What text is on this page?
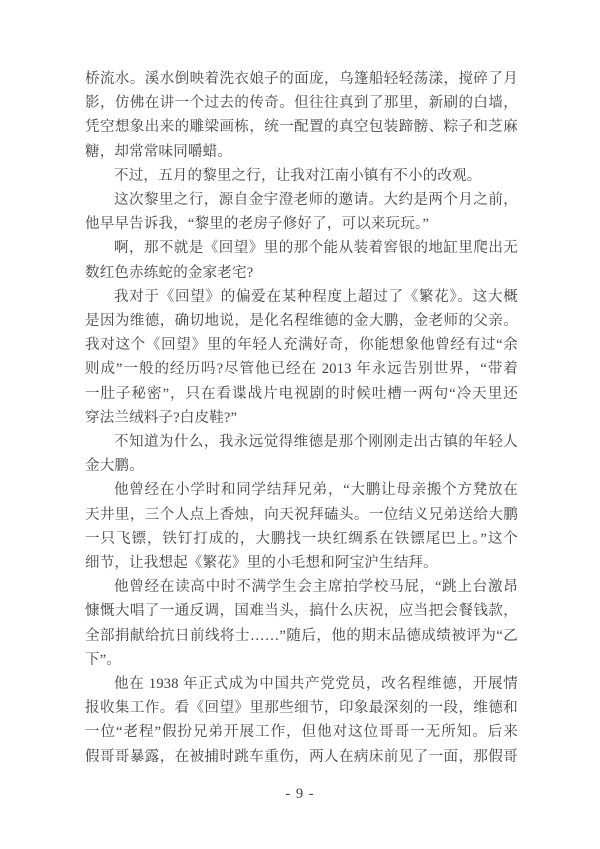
桥流水。溪水倒映着洗衣娘子的面庞，乌篷船轻轻荡漾，搅碎了月
影，仿佛在讲一个过去的传奇。但往往真到了那里，新刷的白墙，
凭空想象出来的雕梁画栋，统一配置的真空包装蹄髈、粽子和芝麻
糖，却常常味同嚼蜡。
不过，五月的黎里之行，让我对江南小镇有不小的改观。
这次黎里之行，源自金宇澄老师的邀请。大约是两个月之前，
他早早告诉我，“黎里的老房子修好了，可以来玩玩。”
啊，那不就是《回望》里的那个能从装着窖银的地缸里爬出无
数红色赤练蛇的金家老宅?
我对于《回望》的偏爱在某种程度上超过了《繁花》。这大概
是因为维德，确切地说，是化名程维德的金大鹏，金老师的父亲。
我对这个《回望》里的年轻人充满好奇，你能想象他曾经有过“余
则成”一般的经历吗?尽管他已经在 2013 年永远告别世界，“带着
一肚子秘密”，只在看谍战片电视剧的时候吐槽一两句“冷天里还
穿法兰绒料子?白皮鞋?”
不知道为什么，我永远觉得维德是那个刚刚走出古镇的年轻人
金大鹏。
他曾经在小学时和同学结拜兄弟，“大鹏让母亲搬个方凳放在
天井里，三个人点上香烛，向天祝拜磕头。一位结义兄弟送给大鹏
一只飞镖，铁钉打成的，大鹏找一块红绸系在铁镖尾巴上。”这个
细节，让我想起《繁花》里的小毛想和阿宝沪生结拜。
他曾经在读高中时不满学生会主席拍学校马屁，“跳上台激昂
慷慨大唱了一通反调，国难当头，搞什么庆祝，应当把会餐钱款，
全部捐献给抗日前线将士……”随后，他的期末品德成绩被评为“乙
下”。
他在 1938 年正式成为中国共产党党员，改名程维德，开展情
报收集工作。看《回望》里那些细节，印象最深刻的一段，维德和
一位“老程”假扮兄弟开展工作，但他对这位哥哥一无所知。后来
假哥哥暴露，在被捕时跳车重伤，两人在病床前见了一面，那假哥
- 9 -
